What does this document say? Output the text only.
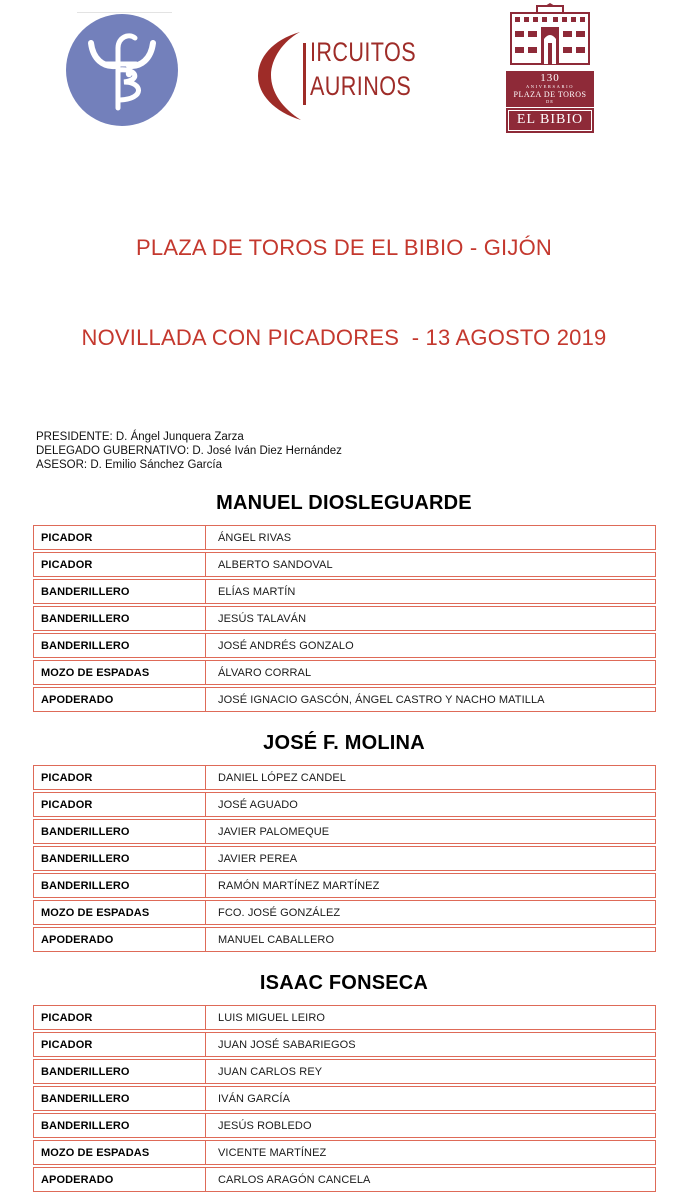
IRCUITOS
AURINOS	130
ANIVERSARIO
PLAZA DE TOROS
DE
EL BIBIO

PLAZA DE TOROS DE EL BIBIO - GIJÓN

NOVILLADA CON PICADORES  - 13 AGOSTO 2019

PRESIDENTE: D. Ángel Junquera Zarza
DELEGADO GUBERNATIVO: D. José Iván Diez Hernández
ASESOR: D. Emilio Sánchez García
MANUEL DIOSLEGUARDE
PICADOR	ÁNGEL RIVAS
PICADOR	ALBERTO SANDOVAL
BANDERILLERO	ELÍAS MARTÍN
BANDERILLERO	JESÚS TALAVÁN
BANDERILLERO	JOSÉ ANDRÉS GONZALO
MOZO DE ESPADAS	ÁLVARO CORRAL
APODERADO	JOSÉ IGNACIO GASCÓN, ÁNGEL CASTRO Y NACHO MATILLA
JOSÉ F. MOLINA
PICADOR	DANIEL LÓPEZ CANDEL
PICADOR	JOSÉ AGUADO
BANDERILLERO	JAVIER PALOMEQUE
BANDERILLERO	JAVIER PEREA
BANDERILLERO	RAMÓN MARTÍNEZ MARTÍNEZ
MOZO DE ESPADAS	FCO. JOSÉ GONZÁLEZ
APODERADO	MANUEL CABALLERO
ISAAC FONSECA
PICADOR	LUIS MIGUEL LEIRO
PICADOR	JUAN JOSÉ SABARIEGOS
BANDERILLERO	JUAN CARLOS REY
BANDERILLERO	IVÁN GARCÍA
BANDERILLERO	JESÚS ROBLEDO
MOZO DE ESPADAS	VICENTE MARTÍNEZ
APODERADO	CARLOS ARAGÓN CANCELA
